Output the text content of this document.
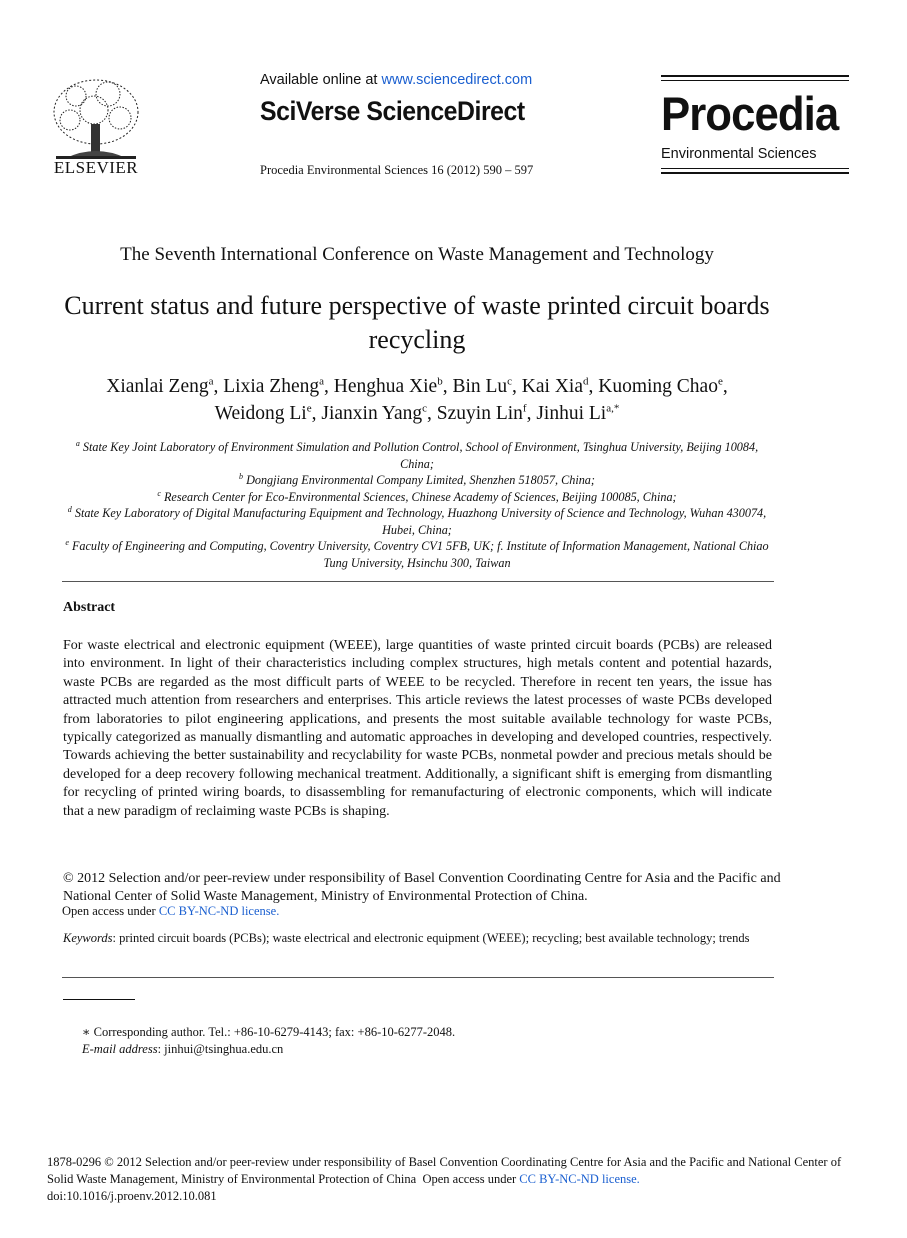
ELSEVIER
Available online at www.sciencedirect.com
SciVerse ScienceDirect
Procedia Environmental Sciences 16 (2012) 590 – 597
Procedia
Environmental Sciences
The Seventh International Conference on Waste Management and Technology
Current status and future perspective of waste printed circuit boards recycling
Xianlai Zeng$^a$, Lixia Zheng$^a$, Henghua Xie$^b$, Bin Lu$^c$, Kai Xia$^d$, Kuoming Chao$^e$,
Weidong Li$^e$, Jianxin Yang$^c$, Szuyin Lin$^f$, Jinhui $Li^{a,*}$
$^a$ State Key Joint Laboratory of Environment Simulation and Pollution Control, School of Environment, Tsinghua University, Beijing 10084, China;
$^b$ Dongjiang Environmental Company Limited, Shenzhen 518057, China;
$^c$ Research Center for Eco-Environmental Sciences, Chinese Academy of Sciences, Beijing 100085, China;
$^d$ State Key Laboratory of Digital Manufacturing Equipment and Technology, Huazhong University of Science and Technology, Wuhan 430074, Hubei, China;
$^e$ Faculty of Engineering and Computing, Coventry University, Coventry CV1 5FB, UK; f. Institute of Information Management, National Chiao Tung University, Hsinchu 300, Taiwan
Abstract
For waste electrical and electronic equipment (WEEE), large quantities of waste printed circuit boards (PCBs) are released into environment. In light of their characteristics including complex structures, high metals content and potential hazards, waste PCBs are regarded as the most difficult parts of WEEE to be recycled. Therefore in recent ten years, the issue has attracted much attention from researchers and enterprises. This article reviews the latest processes of waste PCBs developed from laboratories to pilot engineering applications, and presents the most suitable available technology for waste PCBs, typically categorized as manually dismantling and automatic approaches in developing and developed countries, respectively. Towards achieving the better sustainability and recyclability for waste PCBs, nonmetal powder and precious metals should be developed for a deep recovery following mechanical treatment. Additionally, a significant shift is emerging from dismantling for recycling of printed wiring boards, to disassembling for remanufacturing of electronic components, which will indicate that a new paradigm of reclaiming waste PCBs is shaping.
© 2012 Selection and/or peer-review under responsibility of Basel Convention Coordinating Centre for Asia and the Pacific and National Center of Solid Waste Management, Ministry of Environmental Protection of China.
Open access under CC BY-NC-ND license.
Keywords: printed circuit boards (PCBs); waste electrical and electronic equipment (WEEE); recycling; best available technology; trends
∗ Corresponding author. Tel.: +86-10-6279-4143; fax: +86-10-6277-2048.
E-mail address: jinhui@tsinghua.edu.cn
1878-0296 © 2012 Selection and/or peer-review under responsibility of Basel Convention Coordinating Centre for Asia and the Pacific and National Center of Solid Waste Management, Ministry of Environmental Protection of China Open access under CC BY-NC-ND license.
doi:10.1016/j.proenv.2012.10.081
